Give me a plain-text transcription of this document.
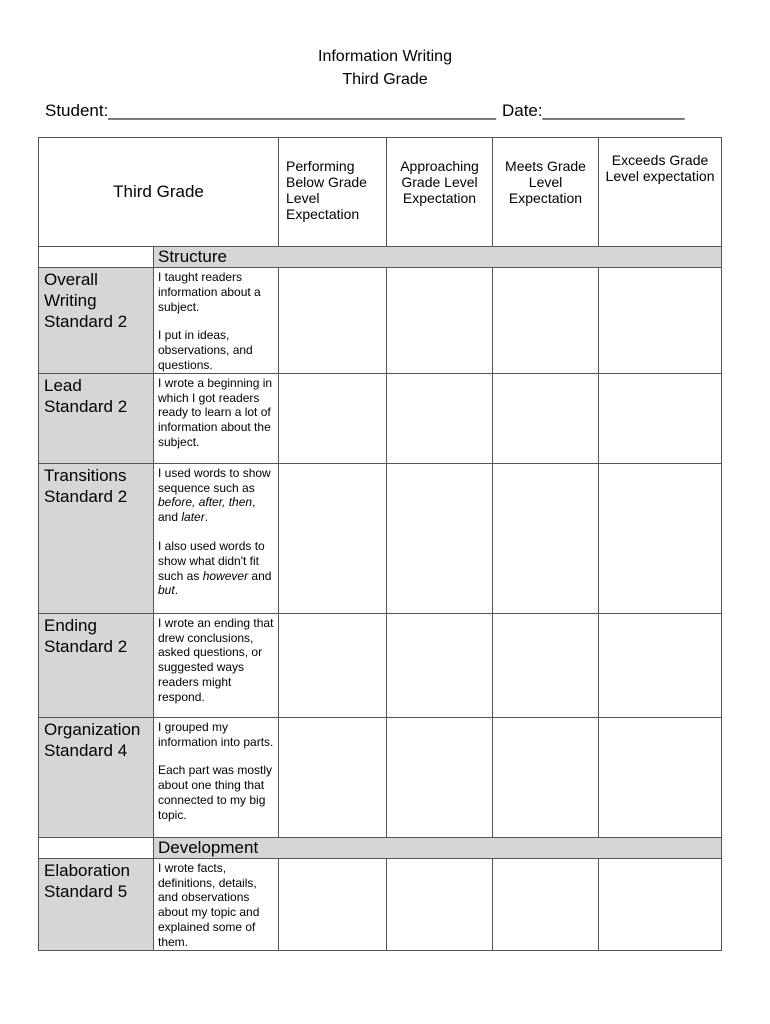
Information Writing
Third Grade
Student:_________________________________________ Date:_______________
Third Grade		Performing Below Grade Level Expectation	Approaching Grade Level Expectation	Meets Grade Level Expectation	Exceeds Grade Level expectation
	Structure				
Overall Writing Standard 2	I taught readers information about a subject.

I put in ideas, observations, and questions.				

Lead Standard 2	I wrote a beginning in which I got readers ready to learn a lot of information about the subject.				

Transitions Standard 2	I used words to show sequence such as before, after, then, and later.

I also used words to show what didn't fit such as however and but.				

Ending Standard 2	I wrote an ending that drew conclusions, asked questions, or suggested ways readers might respond.				

Organization Standard 4	I grouped my information into parts.

Each part was mostly about one thing that connected to my big topic.				

	Development				
Elaboration Standard 5	I wrote facts, definitions, details, and observations about my topic and explained some of them.				
